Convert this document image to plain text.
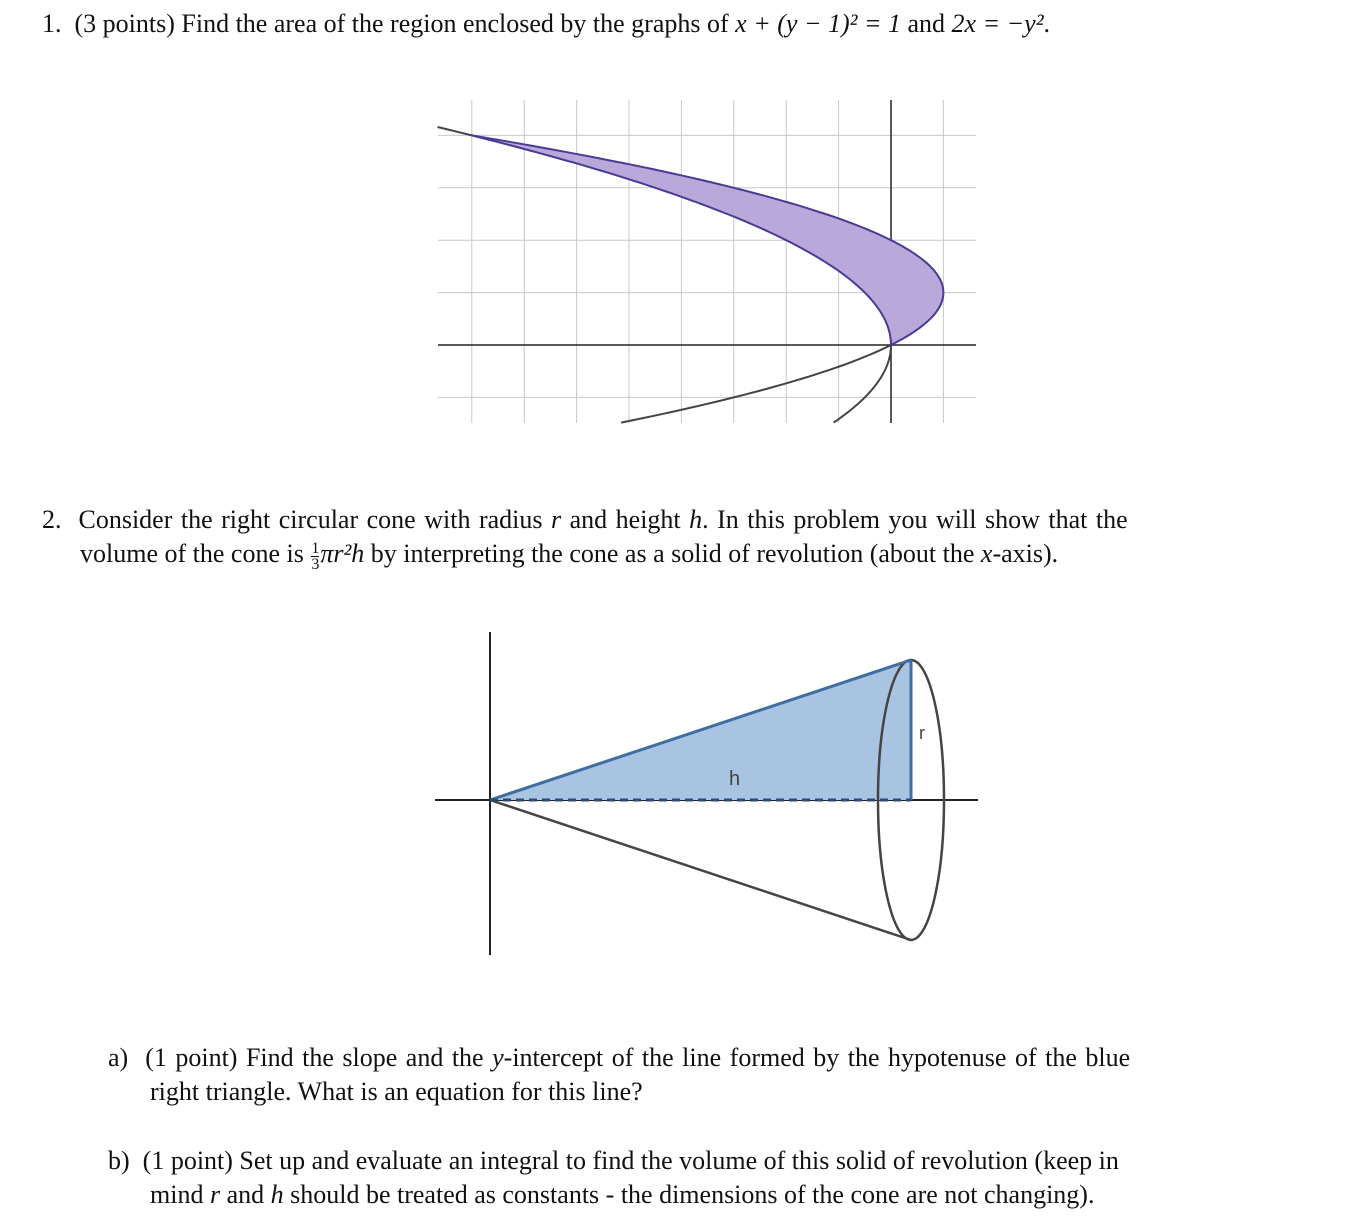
1. (3 points) Find the area of the region enclosed by the graphs of x + (y − 1)² = 1 and 2x = −y².
2. Consider the right circular cone with radius r and height h. In this problem you will show that the
volume of the cone is $\frac{1}{3} \pi r^2h$ by interpreting the cone as a solid of revolution (about the x-axis).
h
r
a) (1 point) Find the slope and the y-intercept of the line formed by the hypotenuse of the blue
right triangle. What is an equation for this line?
b) (1 point) Set up and evaluate an integral to find the volume of this solid of revolution (keep in
mind r and h should be treated as constants - the dimensions of the cone are not changing).
